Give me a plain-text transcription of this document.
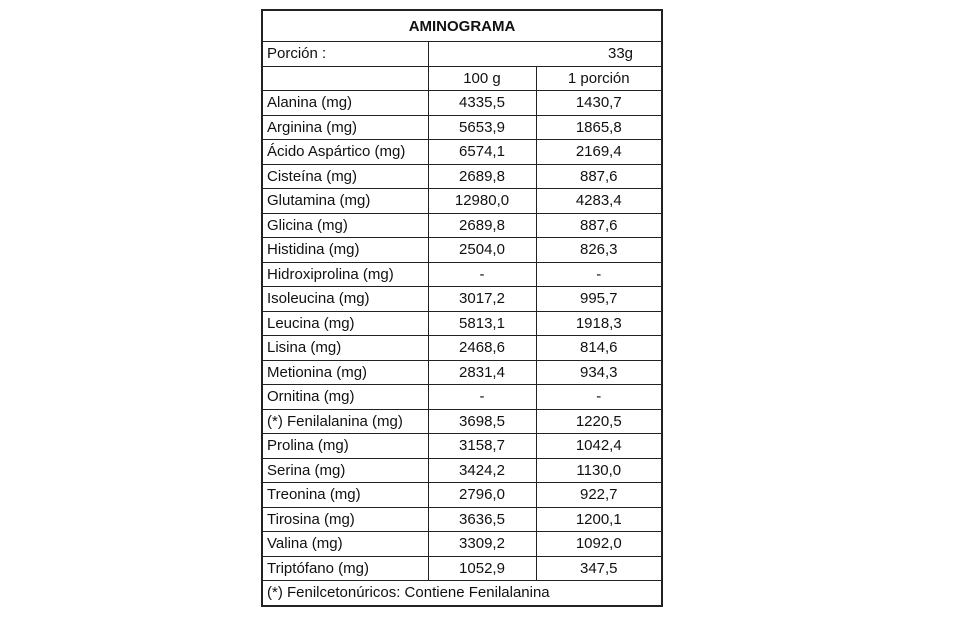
AMINOGRAMA		
Porción :	33g	
	100 g	1 porción
Alanina (mg)	4335,5	1430,7
Arginina (mg)	5653,9	1865,8
Ácido Aspártico (mg)	6574,1	2169,4
Cisteína (mg)	2689,8	887,6
Glutamina (mg)	12980,0	4283,4
Glicina (mg)	2689,8	887,6
Histidina (mg)	2504,0	826,3
Hidroxiprolina (mg)	-	-
Isoleucina (mg)	3017,2	995,7
Leucina (mg)	5813,1	1918,3
Lisina (mg)	2468,6	814,6
Metionina (mg)	2831,4	934,3
Ornitina (mg)	-	-
(*) Fenilalanina (mg)	3698,5	1220,5
Prolina (mg)	3158,7	1042,4
Serina (mg)	3424,2	1130,0
Treonina (mg)	2796,0	922,7
Tirosina (mg)	3636,5	1200,1
Valina (mg)	3309,2	1092,0
Triptófano (mg)	1052,9	347,5
(*) Fenilcetonúricos: Contiene Fenilalanina		
